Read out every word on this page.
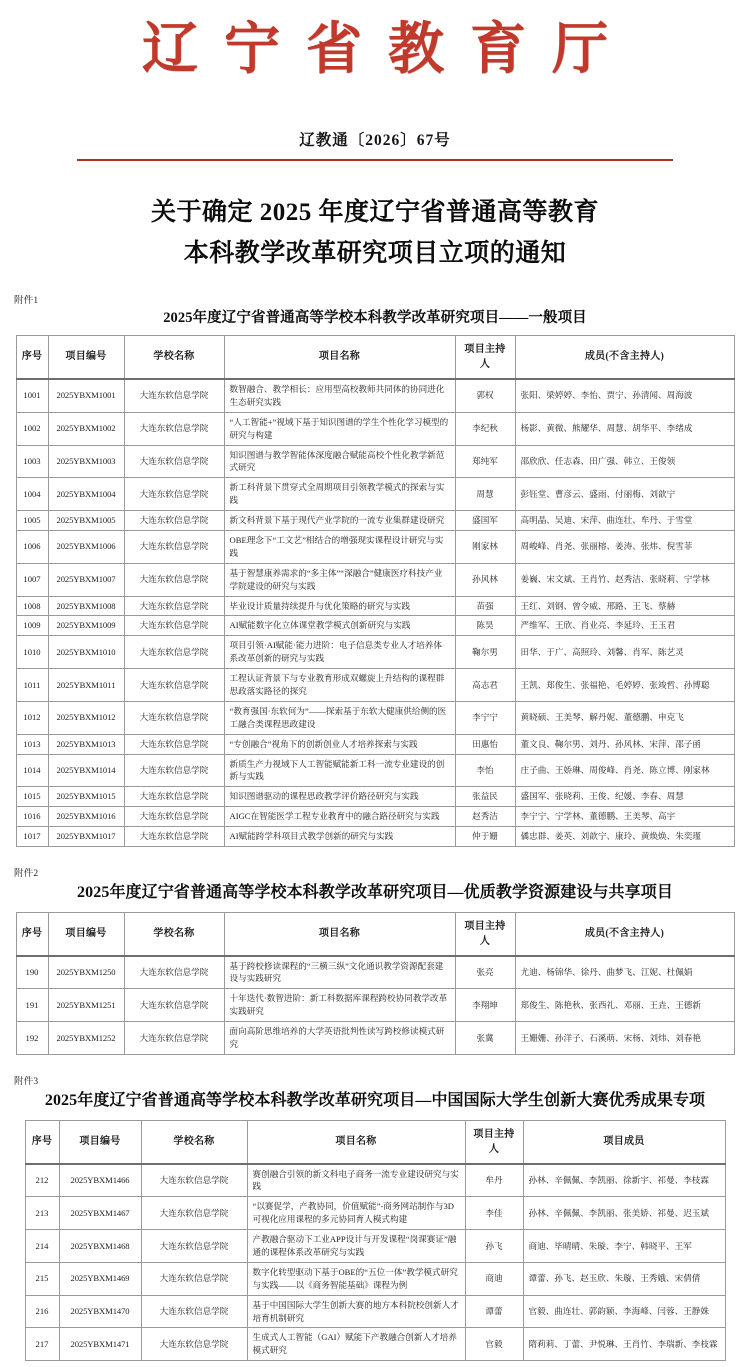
辽宁省教育厅
辽教通〔2026〕67号
关于确定 2025 年度辽宁省普通高等教育
本科教学改革研究项目立项的通知
附件1
2025年度辽宁省普通高等学校本科教学改革研究项目——一般项目
序号	项目编号	学校名称	项目名称	项目主持人	成员(不含主持人)
1001	2025YBXM1001	大连东软信息学院	数智融合、教学相长：应用型高校教师共同体的协同进化生态研究实践	郭权	张阳、梁婷婷、李怡、贾宁、孙清闻、周海波
1002	2025YBXM1002	大连东软信息学院	“人工智能+”视域下基于知识图谱的学生个性化学习模型的研究与构建	李纪秋	杨影、黄微、熊耀华、周慧、胡华平、李绪成
1003	2025YBXM1003	大连东软信息学院	知识图谱与教学智能体深度融合赋能高校个性化教学新范式研究	郑纯军	邵欣欣、任志森、田广强、韩立、王俊领
1004	2025YBXM1004	大连东软信息学院	新工科背景下贯穿式全周期项目引领教学模式的探索与实践	周慧	彭钰堂、曹彦云、盛雨、付丽梅、刘歆宁
1005	2025YBXM1005	大连东软信息学院	新文科背景下基于现代产业学院的一流专业集群建设研究	盛国军	高明晶、吴迪、宋萍、曲连壮、牟丹、于雪堂
1006	2025YBXM1006	大连东软信息学院	OBE理念下“工文艺”相结合的增强现实课程设计研究与实践	刚家林	周峻峰、肖尧、张丽榕、姜涛、张炜、倪雪菲
1007	2025YBXM1007	大连东软信息学院	基于智慧康养需求的“多主体”“深融合”健康医疗科技产业学院建设的研究与实践	孙风林	姜巍、宋文斌、王肖竹、赵秀洁、张晓莉、宁学林
1008	2025YBXM1008	大连东软信息学院	毕业设计质量持续提升与优化策略的研究与实践	苗强	王红、刘钢、曾令威、邢路、王飞、蔡赫
1009	2025YBXM1009	大连东软信息学院	AI赋能数字化立体课堂教学模式创新研究与实践	陈昊	严维军、王欣、肖业亮、李延玲、王玉君
1010	2025YBXM1010	大连东软信息学院	项目引领·AI赋能·能力进阶：电子信息类专业人才培养体系改革创新的研究与实践	鞠尔男	田华、于广、高照玲、刘馨、肖军、陈艺灵
1011	2025YBXM1011	大连东软信息学院	工程认证背景下与专业教育形成双螺旋上升结构的课程群思政落实路径的探究	高志君	王凯、郑俊生、张福艳、毛婷婷、张竣哲、孙博聪
1012	2025YBXM1012	大连东软信息学院	“教育强国·东软何为”——探索基于东软大健康供给侧的医工融合类课程思政建设	李宁宁	黄晓硕、王美琴、解丹妮、董德鹏、申克飞
1013	2025YBXM1013	大连东软信息学院	“专创融合”视角下的创新创业人才培养探索与实践	田惠怡	董文良、鞠尔男、刘丹、孙风林、宋萍、邵子函
1014	2025YBXM1014	大连东软信息学院	新质生产力视域下人工智能赋能新工科一流专业建设的创新与实践	李怡	庄子曲、王娇琳、周俊峰、肖尧、陈立博、刚家林
1015	2025YBXM1015	大连东软信息学院	知识图谱驱动的课程思政教学评价路径研究与实践	张益民	盛国军、张晓莉、王俊、纪媛、李春、周慧
1016	2025YBXM1016	大连东软信息学院	AIGC在智能医学工程专业教育中的融合路径研究与实践	赵秀洁	李宁宁、宁学林、董德鹏、王美琴、高宇
1017	2025YBXM1017	大连东软信息学院	AI赋能跨学科项目式教学创新的研究与实践	仲于姗	僪忠群、姜英、刘歆宁、康玲、黄焕焕、朱奕瑾
附件2
2025年度辽宁省普通高等学校本科教学改革研究项目—优质教学资源建设与共享项目
序号	项目编号	学校名称	项目名称	项目主持人	成员(不含主持人)
190	2025YBXM1250	大连东软信息学院	基于跨校修读课程的“三横三纵”文化通识教学资源配套建设与实践研究	张亮	尤迪、杨锦华、徐丹、曲梦飞、江妮、杜佩娟
191	2025YBXM1251	大连东软信息学院	十年迭代·数智进阶：新工科数据库课程跨校协同教学改革实践研究	李翔坤	郑俊生、陈艳秋、张西礼、邓丽、王垚、王德新
192	2025YBXM1252	大连东软信息学院	面向高阶思维培养的大学英语批判性读写跨校修读模式研究	张冀	王姗姗、孙洋子、石溪萌、宋杨、刘炜、刘春艳
附件3
2025年度辽宁省普通高等学校本科教学改革研究项目—中国国际大学生创新大赛优秀成果专项
序号	项目编号	学校名称	项目名称	项目主持人	项目成员
212	2025YBXM1466	大连东软信息学院	赛创融合引领的新文科电子商务一流专业建设研究与实践	牟丹	孙林、辛佩佩、李凯丽、徐新宇、祁曼、李枝霖
213	2025YBXM1467	大连东软信息学院	“以赛促学，产教协同，价值赋能”-商务网站制作与3D可视化应用课程的多元协同育人模式构建	李佳	孙林、辛佩佩、李凯丽、张美娇、祁曼、迟玉斌
214	2025YBXM1468	大连东软信息学院	产教融合驱动下工业APP设计与开发课程“岗课赛证”融通的课程体系改革研究与实践	孙飞	商迪、毕晴晴、朱璇、李宁、韩晓平、王军
215	2025YBXM1469	大连东软信息学院	数字化转型驱动下基于OBE的“五位一体”教学模式研究与实践——以《商务智能基础》课程为例	商迪	谭蕾、孙飞、赵玉欣、朱璇、王秀娥、宋倩倩
216	2025YBXM1470	大连东软信息学院	基于中国国际大学生创新大赛的地方本科院校创新人才培育机制研究	谭蕾	官毅、曲连壮、郭韵颖、李海峰、闫蓉、王静姝
217	2025YBXM1471	大连东软信息学院	生成式人工智能（GAI）赋能下产教融合创新人才培养模式研究	官毅	隋莉莉、丁蕾、尹悦琳、王肖竹、李瑞新、李枝霖
